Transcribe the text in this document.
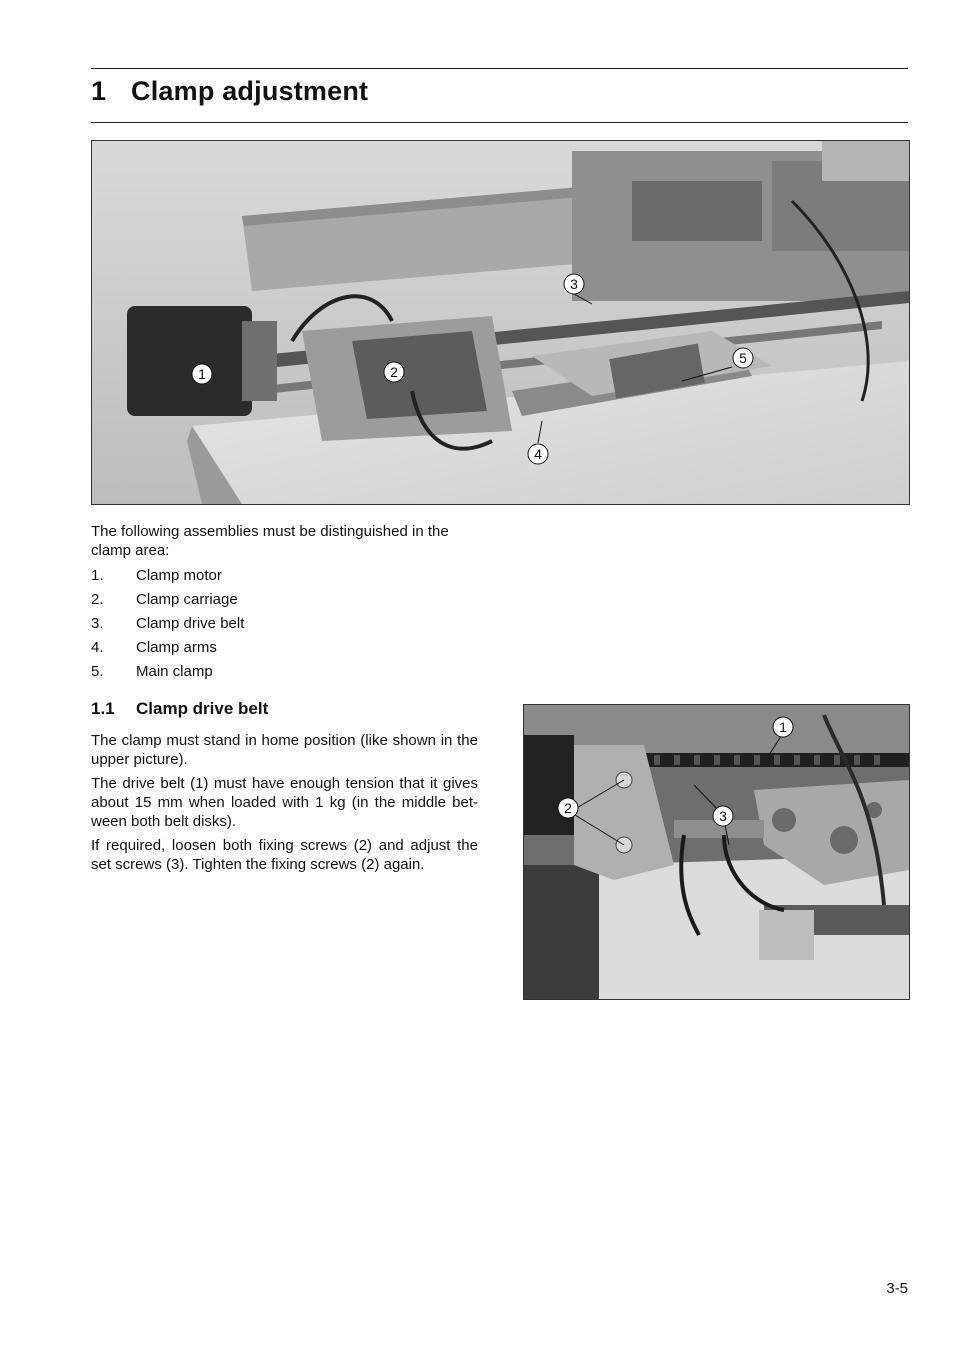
1 Clamp adjustment
1	2
3
4
5

The following assemblies must be distinguished in the clamp area:

1. Clamp motor
2. Clamp carriage
3. Clamp drive belt
4. Clamp arms
5. Main clamp
1.1 Clamp drive belt

The clamp must stand in home position (like shown in the upper picture).

The drive belt (1) must have enough tension that it gives about 15 mm when loaded with 1 kg (in the middle bet-ween both belt disks).

If required, loosen both fixing screws (2) and adjust the set screws (3). Tighten the fixing screws (2) again.

1
2	3
3-5
